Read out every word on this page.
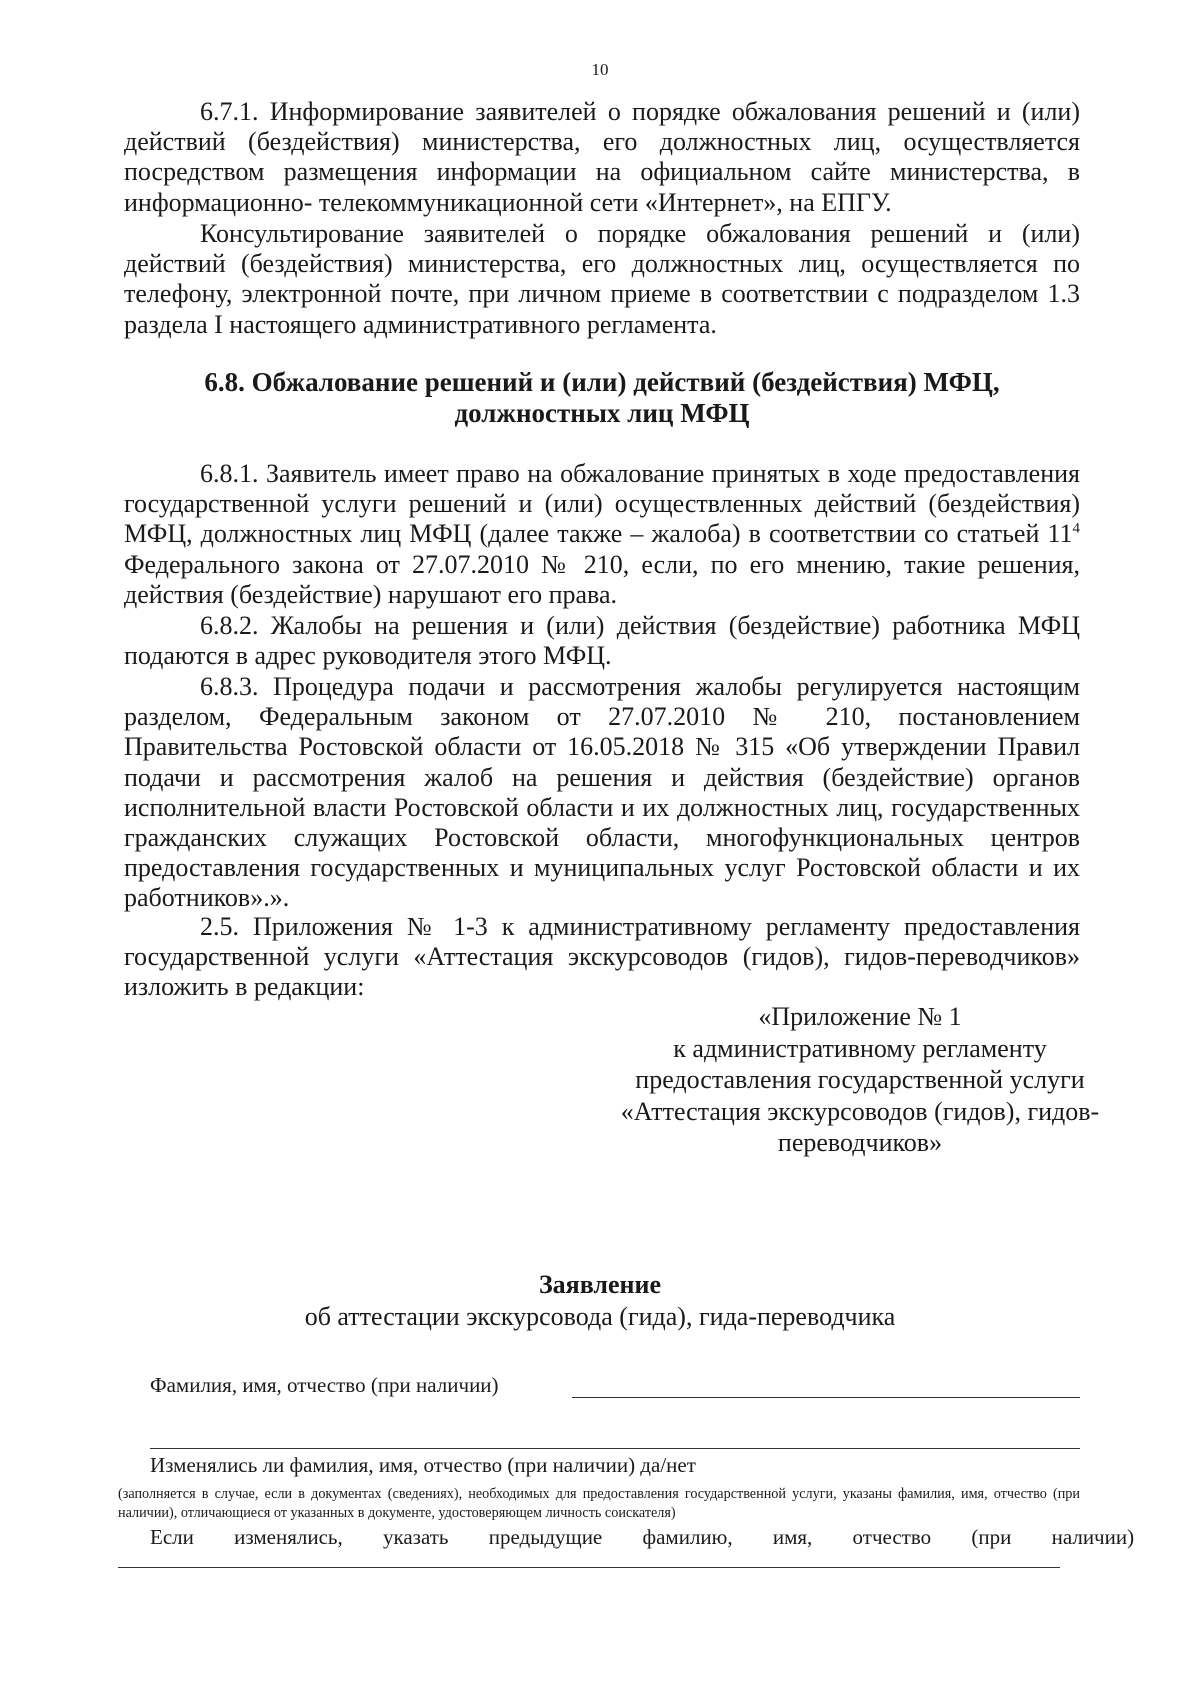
10

6.7.1. Информирование заявителей о порядке обжалования решений и (или) действий (бездействия) министерства, его должностных лиц, осуществляется посредством размещения информации на официальном сайте министерства, в информационно- телекоммуникационной сети «Интернет», на ЕПГУ.

Консультирование заявителей о порядке обжалования решений и (или) действий (бездействия) министерства, его должностных лиц, осуществляется по телефону, электронной почте, при личном приеме в соответствии с подразделом 1.3 раздела I настоящего административного регламента.

6.8. Обжалование решений и (или) действий (бездействия) МФЦ,
должностных лиц МФЦ

6.8.1. Заявитель имеет право на обжалование принятых в ходе предоставления государственной услуги решений и (или) осуществленных действий (бездействия) МФЦ, должностных лиц МФЦ (далее также – жалоба) в соответствии со статьей $11^4$ Федерального закона от 27.07.2010 № 210, если, по его мнению, такие решения, действия (бездействие) нарушают его права.

6.8.2. Жалобы на решения и (или) действия (бездействие) работника МФЦ подаются в адрес руководителя этого МФЦ.

6.8.3. Процедура подачи и рассмотрения жалобы регулируется настоящим разделом, Федеральным законом от 27.07.2010 № 210, постановлением Правительства Ростовской области от 16.05.2018 № 315 «Об утверждении Правил подачи и рассмотрения жалоб на решения и действия (бездействие) органов исполнительной власти Ростовской области и их должностных лиц, государственных гражданских служащих Ростовской области, многофункциональных центров предоставления государственных и муниципальных услуг Ростовской области и их работников».».

2.5. Приложения № 1-3 к административному регламенту предоставления государственной услуги «Аттестация экскурсоводов (гидов), гидов-переводчиков» изложить в редакции:

«Приложение № 1
к административному регламенту
предоставления государственной услуги
«Аттестация экскурсоводов (гидов), гидов-
переводчиков»
Заявление
об аттестации экскурсовода (гида), гида-переводчика
Фамилия, имя, отчество (при наличии)
Изменялись ли фамилия, имя, отчество (при наличии) да/нет
(заполняется в случае, если в документах (сведениях), необходимых для предоставления государственной услуги, указаны фамилия, имя, отчество (при наличии), отличающиеся от указанных в документе, удостоверяющем личность соискателя)
Если изменялись, указать предыдущие фамилию, имя, отчество (при наличии)
